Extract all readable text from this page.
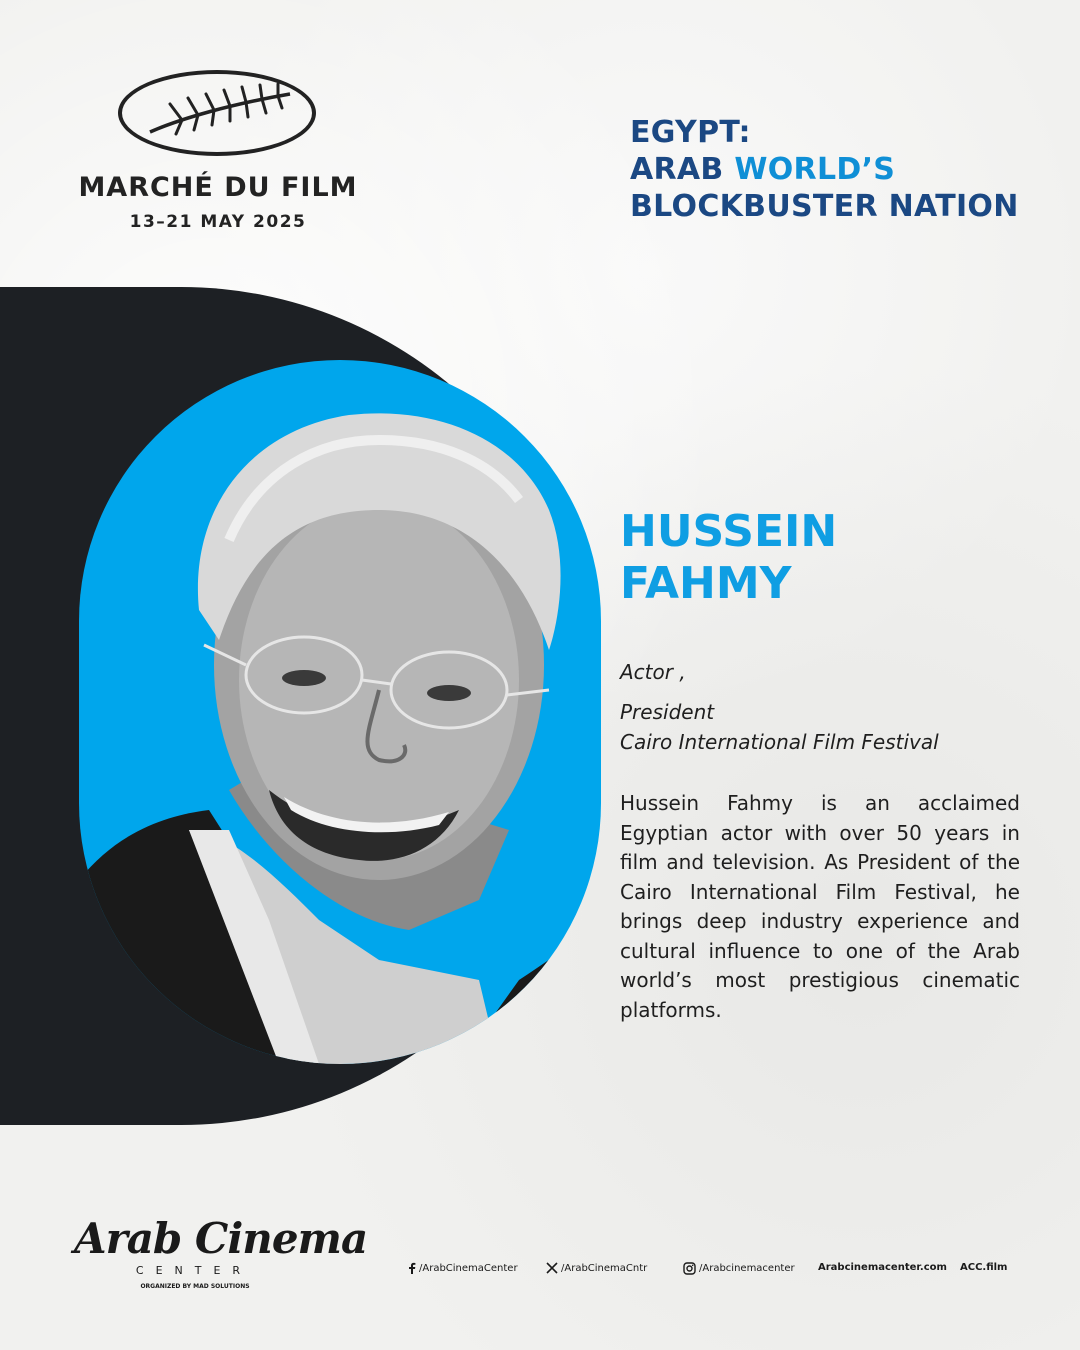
MARCHÉ DU FILM
13–21 MAY 2025
EGYPT:
ARAB WORLD’S
BLOCKBUSTER NATION
HUSSEIN
FAHMY
Actor ,
President
Cairo International Film Festival

Hussein Fahmy is an acclaimed Egyptian actor with over 50 years in film and television. As President of the Cairo International Film Festival, he brings deep industry experience and cultural influence to one of the Arab world’s most prestigious cinematic platforms.

Arab Cinema
CENTER
ORGANIZED BY MAD SOLUTIONS
/ArabCinemaCenter	/ArabCinemaCntr	/Arabcinemacenter Arabcinemacenter.com ACC.film
